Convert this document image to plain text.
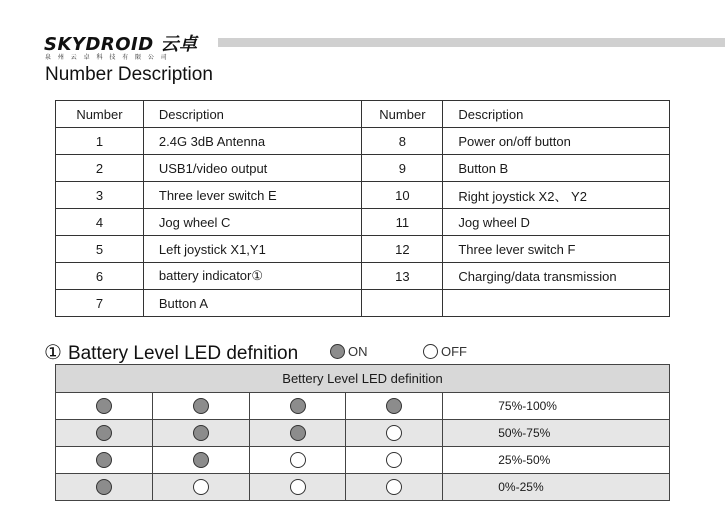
SKYDROID 云卓
泉 州 云 卓 科 技 有 限 公 司
Number Description
Number	Description	Number	Description
1	2.4G 3dB Antenna	8	Power on/off button
2	USB1/video output	9	Button B
3	Three lever switch E	10	Right joystick X2、 Y2
4	Jog wheel C	11	Jog wheel D
5	Left joystick X1,Y1	12	Three lever switch F
6	battery indicator①	13	Charging/data transmission
7	Button A		
① Battery Level LED defnition	ON	OFF
Bettery Level LED definition				
				75%-100%
				50%-75%
				25%-50%
				0%-25%
